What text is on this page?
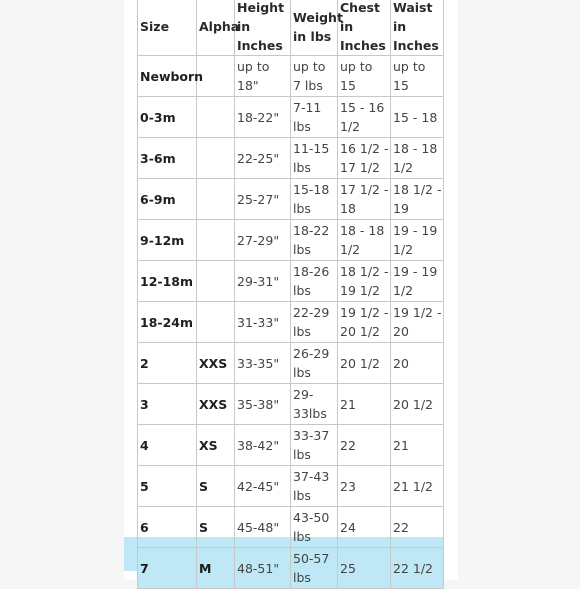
Size	Alpha	Height in Inches	Weight in lbs	Chest in Inches	Waist in Inches
Newborn		up to 18"	up to 7 lbs	up to 15	up to 15
0-3m		18-22"	7-11 lbs	15 - 16 1/2	15 - 18
3-6m		22-25"	11-15 lbs	16 1/2 - 17 1/2	18 - 18 1/2
6-9m		25-27"	15-18 lbs	17 1/2 - 18	18 1/2 - 19
9-12m		27-29"	18-22 lbs	18 - 18 1/2	19 - 19 1/2
12-18m		29-31"	18-26 lbs	18 1/2 - 19 1/2	19 - 19 1/2
18-24m		31-33"	22-29 lbs	19 1/2 - 20 1/2	19 1/2 - 20
2	XXS	33-35"	26-29 lbs	20 1/2	20
3	XXS	35-38"	29-33lbs	21	20 1/2
4	XS	38-42"	33-37 lbs	22	21
5	S	42-45"	37-43 lbs	23	21 1/2
6	S	45-48"	43-50 lbs	24	22
7	M	48-51"	50-57 lbs	25	22 1/2
